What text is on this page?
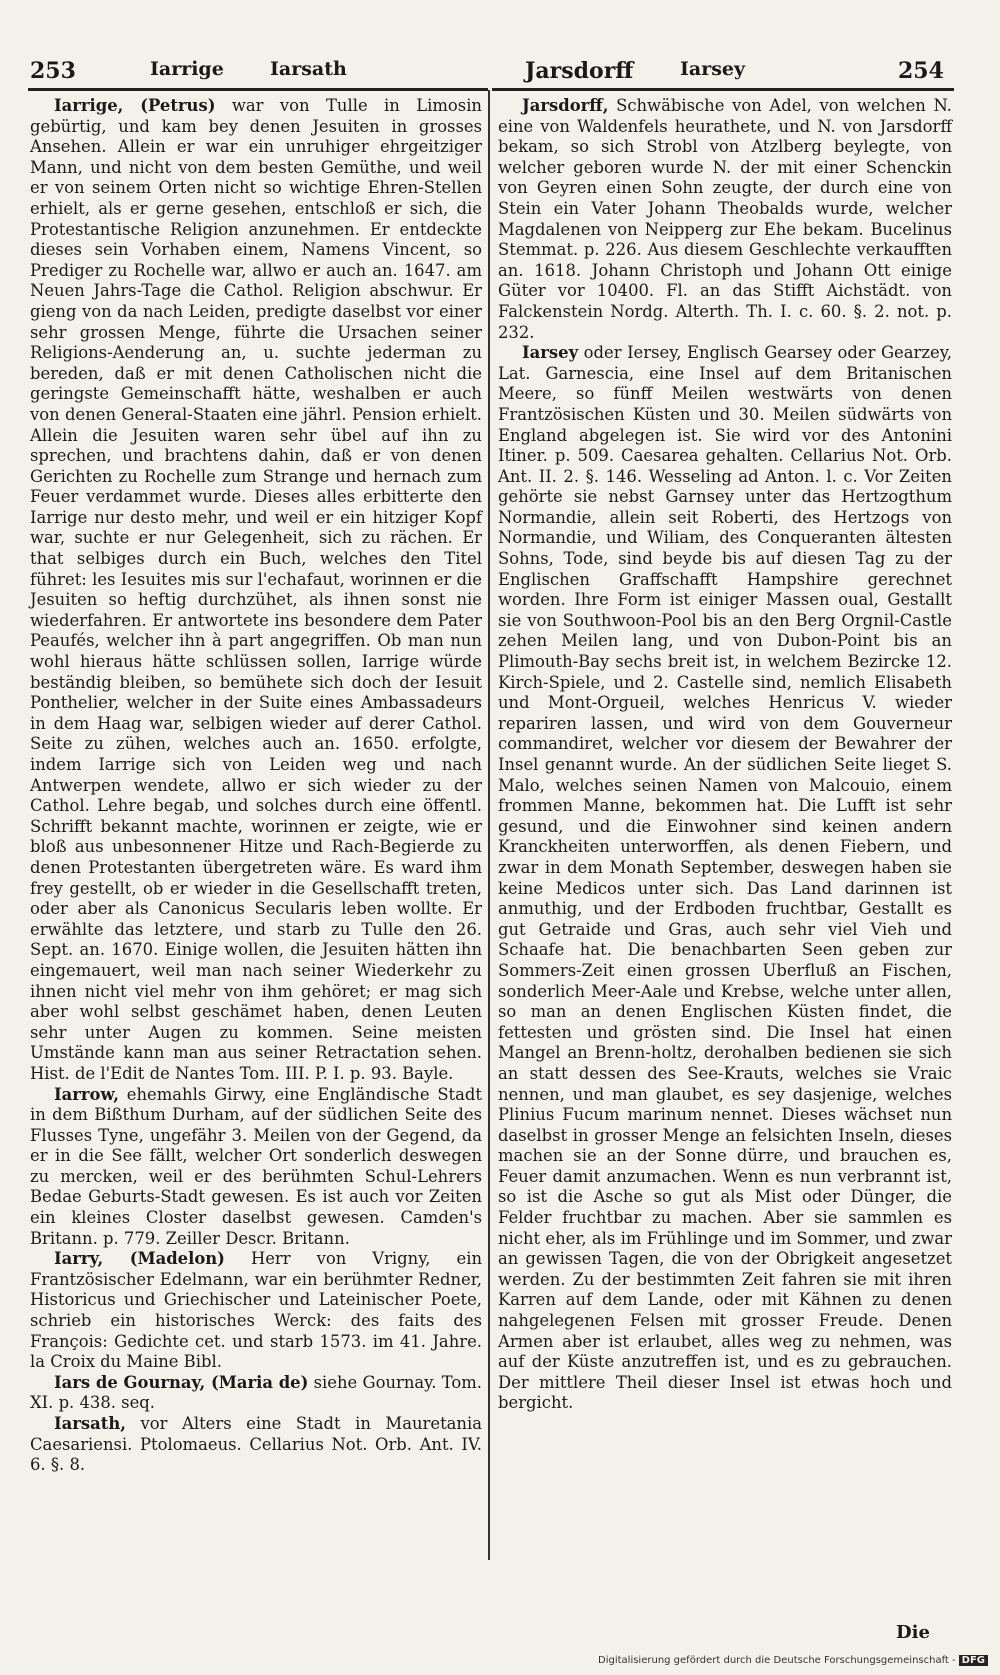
253	Iarrige Iarsath	Jarsdorff Iarsey	254

Iarrige, (Petrus) war von Tulle in Limosin gebürtig, und kam bey denen Jesuiten in grosses Ansehen. Allein er war ein unruhiger ehrgeitziger Mann, und nicht von dem besten Gemüthe, und weil er von seinem Orten nicht so wichtige Ehren-Stellen erhielt, als er gerne gesehen, entschloß er sich, die Protestantische Religion anzunehmen. Er entdeckte dieses sein Vorhaben einem, Namens Vincent, so Prediger zu Rochelle war, allwo er auch an. 1647. am Neuen Jahrs-Tage die Cathol. Religion abschwur. Er gieng von da nach Leiden, predigte daselbst vor einer sehr grossen Menge, führte die Ursachen seiner Religions-Aenderung an, u. suchte jederman zu bereden, daß er mit denen Catholischen nicht die geringste Gemeinschafft hätte, weshalben er auch von denen General-Staaten eine jährl. Pension erhielt. Allein die Jesuiten waren sehr übel auf ihn zu sprechen, und brachtens dahin, daß er von denen Gerichten zu Rochelle zum Strange und hernach zum Feuer verdammet wurde. Dieses alles erbitterte den Iarrige nur desto mehr, und weil er ein hitziger Kopf war, suchte er nur Gelegenheit, sich zu rächen. Er that selbiges durch ein Buch, welches den Titel führet: les Iesuites mis sur l'echafaut, worinnen er die Jesuiten so heftig durchzühet, als ihnen sonst nie wiederfahren. Er antwortete ins besondere dem Pater Peaufés, welcher ihn à part angegriffen. Ob man nun wohl hieraus hätte schlüssen sollen, Iarrige würde beständig bleiben, so bemühete sich doch der Iesuit Ponthelier, welcher in der Suite eines Ambassadeurs in dem Haag war, selbigen wieder auf derer Cathol. Seite zu zühen, welches auch an. 1650. erfolgte, indem Iarrige sich von Leiden weg und nach Antwerpen wendete, allwo er sich wieder zu der Cathol. Lehre begab, und solches durch eine öffentl. Schrifft bekannt machte, worinnen er zeigte, wie er bloß aus unbesonnener Hitze und Rach-Begierde zu denen Protestanten übergetreten wäre. Es ward ihm frey gestellt, ob er wieder in die Gesellschafft treten, oder aber als Canonicus Secularis leben wollte. Er erwählte das letztere, und starb zu Tulle den 26. Sept. an. 1670. Einige wollen, die Jesuiten hätten ihn eingemauert, weil man nach seiner Wiederkehr zu ihnen nicht viel mehr von ihm gehöret; er mag sich aber wohl selbst geschämet haben, denen Leuten sehr unter Augen zu kommen. Seine meisten Umstände kann man aus seiner Retractation sehen. Hist. de l'Edit de Nantes Tom. III. P. I. p. 93. Bayle.

Iarrow, ehemahls Girwy, eine Engländische Stadt in dem Bißthum Durham, auf der südlichen Seite des Flusses Tyne, ungefähr 3. Meilen von der Gegend, da er in die See fällt, welcher Ort sonderlich deswegen zu mercken, weil er des berühmten Schul-Lehrers Bedae Geburts-Stadt gewesen. Es ist auch vor Zeiten ein kleines Closter daselbst gewesen. Camden's Britann. p. 779. Zeiller Descr. Britann.

Iarry, (Madelon) Herr von Vrigny, ein Frantzösischer Edelmann, war ein berühmter Redner, Historicus und Griechischer und Lateinischer Poete, schrieb ein historisches Werck: des faits des François: Gedichte cet. und starb 1573. im 41. Jahre. la Croix du Maine Bibl.

Iars de Gournay, (Maria de) siehe Gournay. Tom. XI. p. 438. seq.

Iarsath, vor Alters eine Stadt in Mauretania Caesariensi. Ptolomaeus. Cellarius Not. Orb. Ant. IV. 6. §. 8.

Jarsdorff, Schwäbische von Adel, von welchen N. eine von Waldenfels heurathete, und N. von Jarsdorff bekam, so sich Strobl von Atzlberg beylegte, von welcher geboren wurde N. der mit einer Schenckin von Geyren einen Sohn zeugte, der durch eine von Stein ein Vater Johann Theobalds wurde, welcher Magdalenen von Neipperg zur Ehe bekam. Bucelinus Stemmat. p. 226. Aus diesem Geschlechte verkaufften an. 1618. Johann Christoph und Johann Ott einige Güter vor 10400. Fl. an das Stifft Aichstädt. von Falckenstein Nordg. Alterth. Th. I. c. 60. §. 2. not. p. 232.

Iarsey oder Iersey, Englisch Gearsey oder Gearzey, Lat. Garnescia, eine Insel auf dem Britanischen Meere, so fünff Meilen westwärts von denen Frantzösischen Küsten und 30. Meilen südwärts von England abgelegen ist. Sie wird vor des Antonini Itiner. p. 509. Caesarea gehalten. Cellarius Not. Orb. Ant. II. 2. §. 146. Wesseling ad Anton. l. c. Vor Zeiten gehörte sie nebst Garnsey unter das Hertzogthum Normandie, allein seit Roberti, des Hertzogs von Normandie, und Wiliam, des Conqueranten ältesten Sohns, Tode, sind beyde bis auf diesen Tag zu der Englischen Graffschafft Hampshire gerechnet worden. Ihre Form ist einiger Massen oual, Gestallt sie von Southwoon-Pool bis an den Berg Orgnil-Castle zehen Meilen lang, und von Dubon-Point bis an Plimouth-Bay sechs breit ist, in welchem Bezircke 12. Kirch-Spiele, und 2. Castelle sind, nemlich Elisabeth und Mont-Orgueil, welches Henricus V. wieder repariren lassen, und wird von dem Gouverneur commandiret, welcher vor diesem der Bewahrer der Insel genannt wurde. An der südlichen Seite lieget S. Malo, welches seinen Namen von Malcouio, einem frommen Manne, bekommen hat. Die Lufft ist sehr gesund, und die Einwohner sind keinen andern Kranckheiten unterworffen, als denen Fiebern, und zwar in dem Monath September, deswegen haben sie keine Medicos unter sich. Das Land darinnen ist anmuthig, und der Erdboden fruchtbar, Gestallt es gut Getraide und Gras, auch sehr viel Vieh und Schaafe hat. Die benachbarten Seen geben zur Sommers-Zeit einen grossen Uberfluß an Fischen, sonderlich Meer-Aale und Krebse, welche unter allen, so man an denen Englischen Küsten findet, die fettesten und grösten sind. Die Insel hat einen Mangel an Brenn-holtz, derohalben bedienen sie sich an statt dessen des See-Krauts, welches sie Vraic nennen, und man glaubet, es sey dasjenige, welches Plinius Fucum marinum nennet. Dieses wächset nun daselbst in grosser Menge an felsichten Inseln, dieses machen sie an der Sonne dürre, und brauchen es, Feuer damit anzumachen. Wenn es nun verbrannt ist, so ist die Asche so gut als Mist oder Dünger, die Felder fruchtbar zu machen. Aber sie sammlen es nicht eher, als im Frühlinge und im Sommer, und zwar an gewissen Tagen, die von der Obrigkeit angesetzet werden. Zu der bestimmten Zeit fahren sie mit ihren Karren auf dem Lande, oder mit Kähnen zu denen nahgelegenen Felsen mit grosser Freude. Denen Armen aber ist erlaubet, alles weg zu nehmen, was auf der Küste anzutreffen ist, und es zu gebrauchen. Der mittlere Theil dieser Insel ist etwas hoch und bergicht.

Die
Digitalisierung gefördert durch die Deutsche Forschungsgemeinschaft - DFG
